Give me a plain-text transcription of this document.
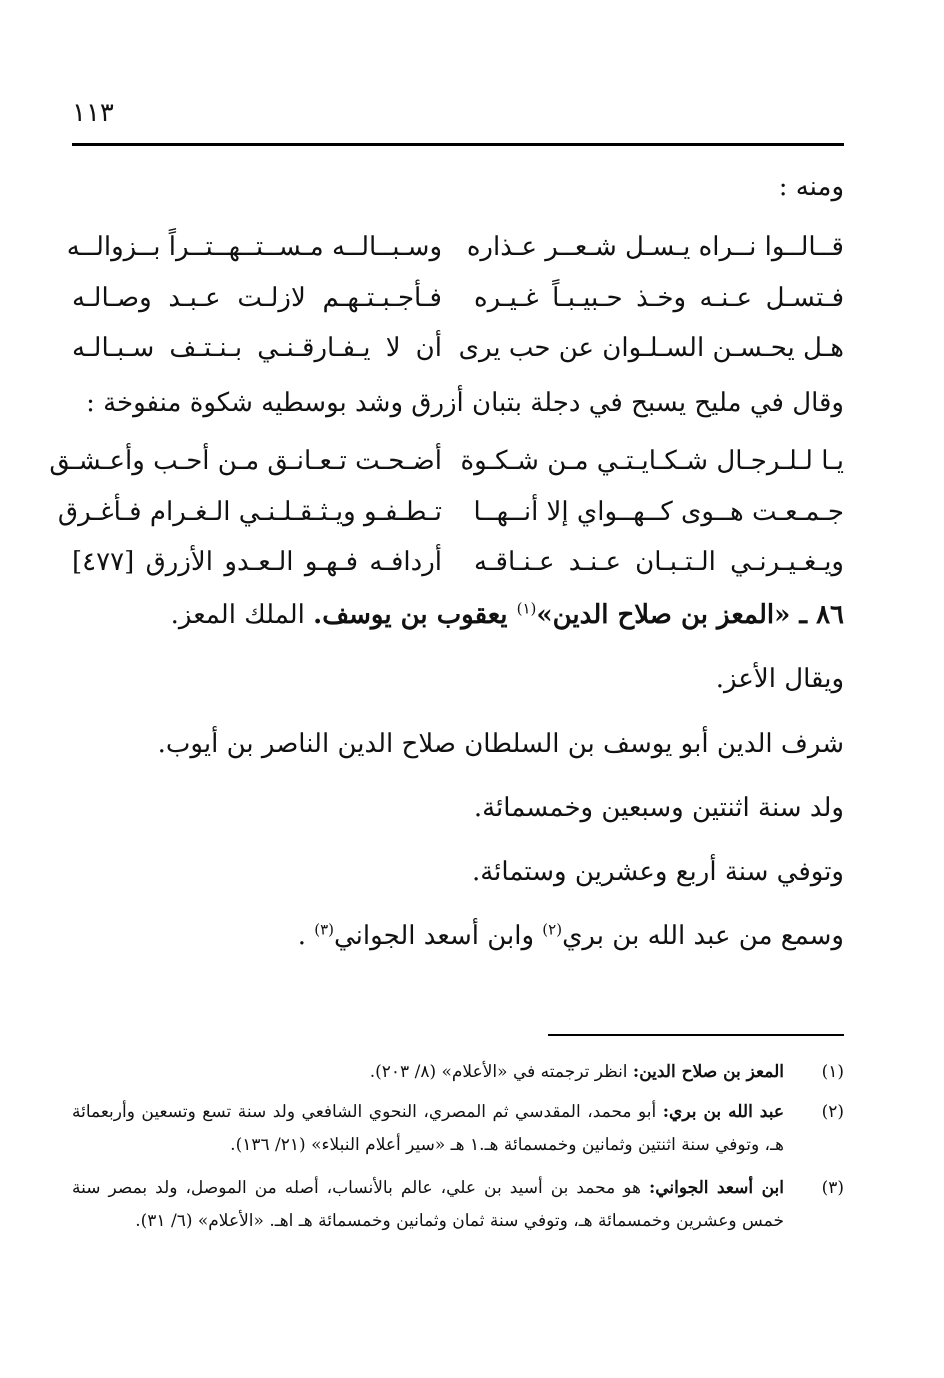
١١٣
ومنه :
قــالــوا نــراه يـسـل شـعــر عـذاره
وسـبــالــه مـســتــهــتــراً بــزوالــه
فـتسـل عـنـه وخـذ حـبيـبـاً غـيـره
فـأجـبـتـهـم لازلـت عـبـد وصـالـه
هـل يحـسـن السـلـوان عن حب يرى
أن لا يـفـارقـنـي بـنـتـف سـبـالـه
وقال في مليح يسبح في دجلة بتبان أزرق وشد بوسطيه شكوة منفوخة :
يـا لـلـرجـال شـكـايـتـي مـن شـكـوة
أضـحـت تـعـانـق مـن أحـب وأعـشـق
جـمـعـت هــوى كــهــواي إلا أنــهــا
تـطـفـو ويـثـقـلـنـي الـغـرام فـأغـرق
ويـغـيـرنـي الـتـبـان عـنـد عـنـاقـه
أردافـه فـهـو الـعـدو الأزرق [٤٧٧]
٨٦ ـ «المعز بن صلاح الدين»$^{(١)}$ يعقوب بن يوسف. الملك المعز.
ويقال الأعز.
شرف الدين أبو يوسف بن السلطان صلاح الدين الناصر بن أيوب.
ولد سنة اثنتين وسبعين وخمسمائة.
وتوفي سنة أربع وعشرين وستمائة.
وسمع من عبد الله بن بري$^{(٢)}$ وابن أسعد الجواني$^{(٣)}$ .
(١)
المعز بن صلاح الدين: انظر ترجمته في «الأعلام» (٨/ ٢٠٣).
(٢)
عبد الله بن بري: أبو محمد، المقدسي ثم المصري، النحوي الشافعي ولد سنة تسع وتسعين وأربعمائة هـ، وتوفي سنة اثنتين وثمانين وخمسمائة هـ.١ هـ «سير أعلام النبلاء» (٢١/ ١٣٦).
(٣)
ابن أسعد الجواني: هو محمد بن أسيد بن علي، عالم بالأنساب، أصله من الموصل، ولد بمصر سنة خمس وعشرين وخمسمائة هـ، وتوفي سنة ثمان وثمانين وخمسمائة هـ اهـ. «الأعلام» (٦/ ٣١).
